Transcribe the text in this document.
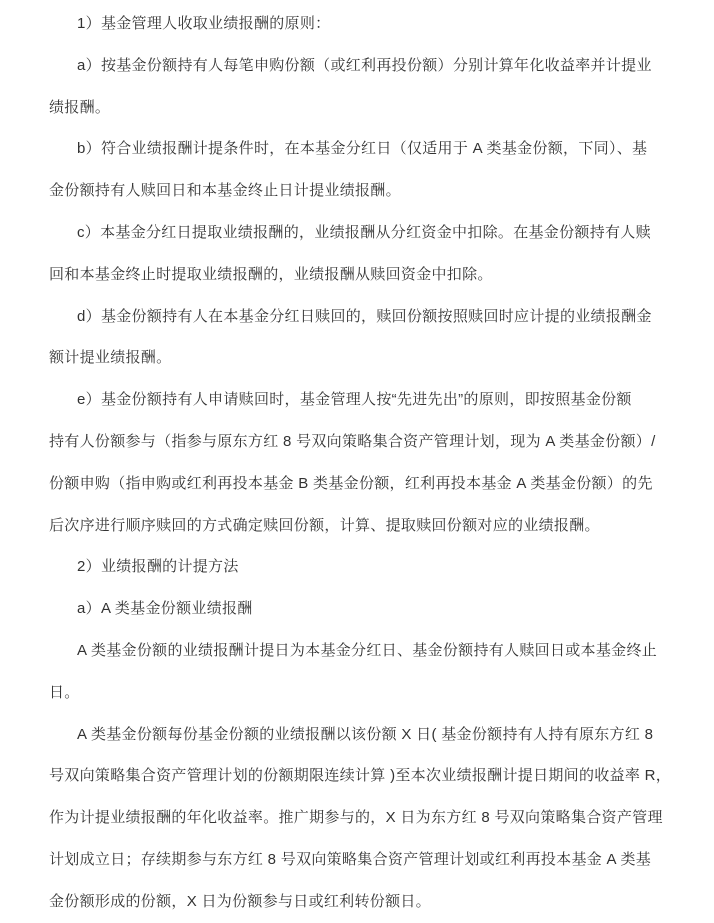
1）基金管理人收取业绩报酬的原则：
a）按基金份额持有人每笔申购份额（或红利再投份额）分别计算年化收益率并计提业
绩报酬。
b）符合业绩报酬计提条件时，在本基金分红日（仅适用于 A 类基金份额，下同）、基
金份额持有人赎回日和本基金终止日计提业绩报酬。
c）本基金分红日提取业绩报酬的，业绩报酬从分红资金中扣除。在基金份额持有人赎
回和本基金终止时提取业绩报酬的，业绩报酬从赎回资金中扣除。
d）基金份额持有人在本基金分红日赎回的，赎回份额按照赎回时应计提的业绩报酬金
额计提业绩报酬。
e）基金份额持有人申请赎回时，基金管理人按“先进先出”的原则，即按照基金份额
持有人份额参与（指参与原东方红 8 号双向策略集合资产管理计划，现为 A 类基金份额）/
份额申购（指申购或红利再投本基金 B 类基金份额，红利再投本基金 A 类基金份额）的先
后次序进行顺序赎回的方式确定赎回份额，计算、提取赎回份额对应的业绩报酬。
2）业绩报酬的计提方法
a）A 类基金份额业绩报酬
A 类基金份额的业绩报酬计提日为本基金分红日、基金份额持有人赎回日或本基金终止
日。
A 类基金份额每份基金份额的业绩报酬以该份额 X 日( 基金份额持有人持有原东方红 8
号双向策略集合资产管理计划的份额期限连续计算 )至本次业绩报酬计提日期间的收益率 R，
作为计提业绩报酬的年化收益率。推广期参与的，X 日为东方红 8 号双向策略集合资产管理
计划成立日；存续期参与东方红 8 号双向策略集合资产管理计划或红利再投本基金 A 类基
金份额形成的份额，X 日为份额参与日或红利转份额日。
